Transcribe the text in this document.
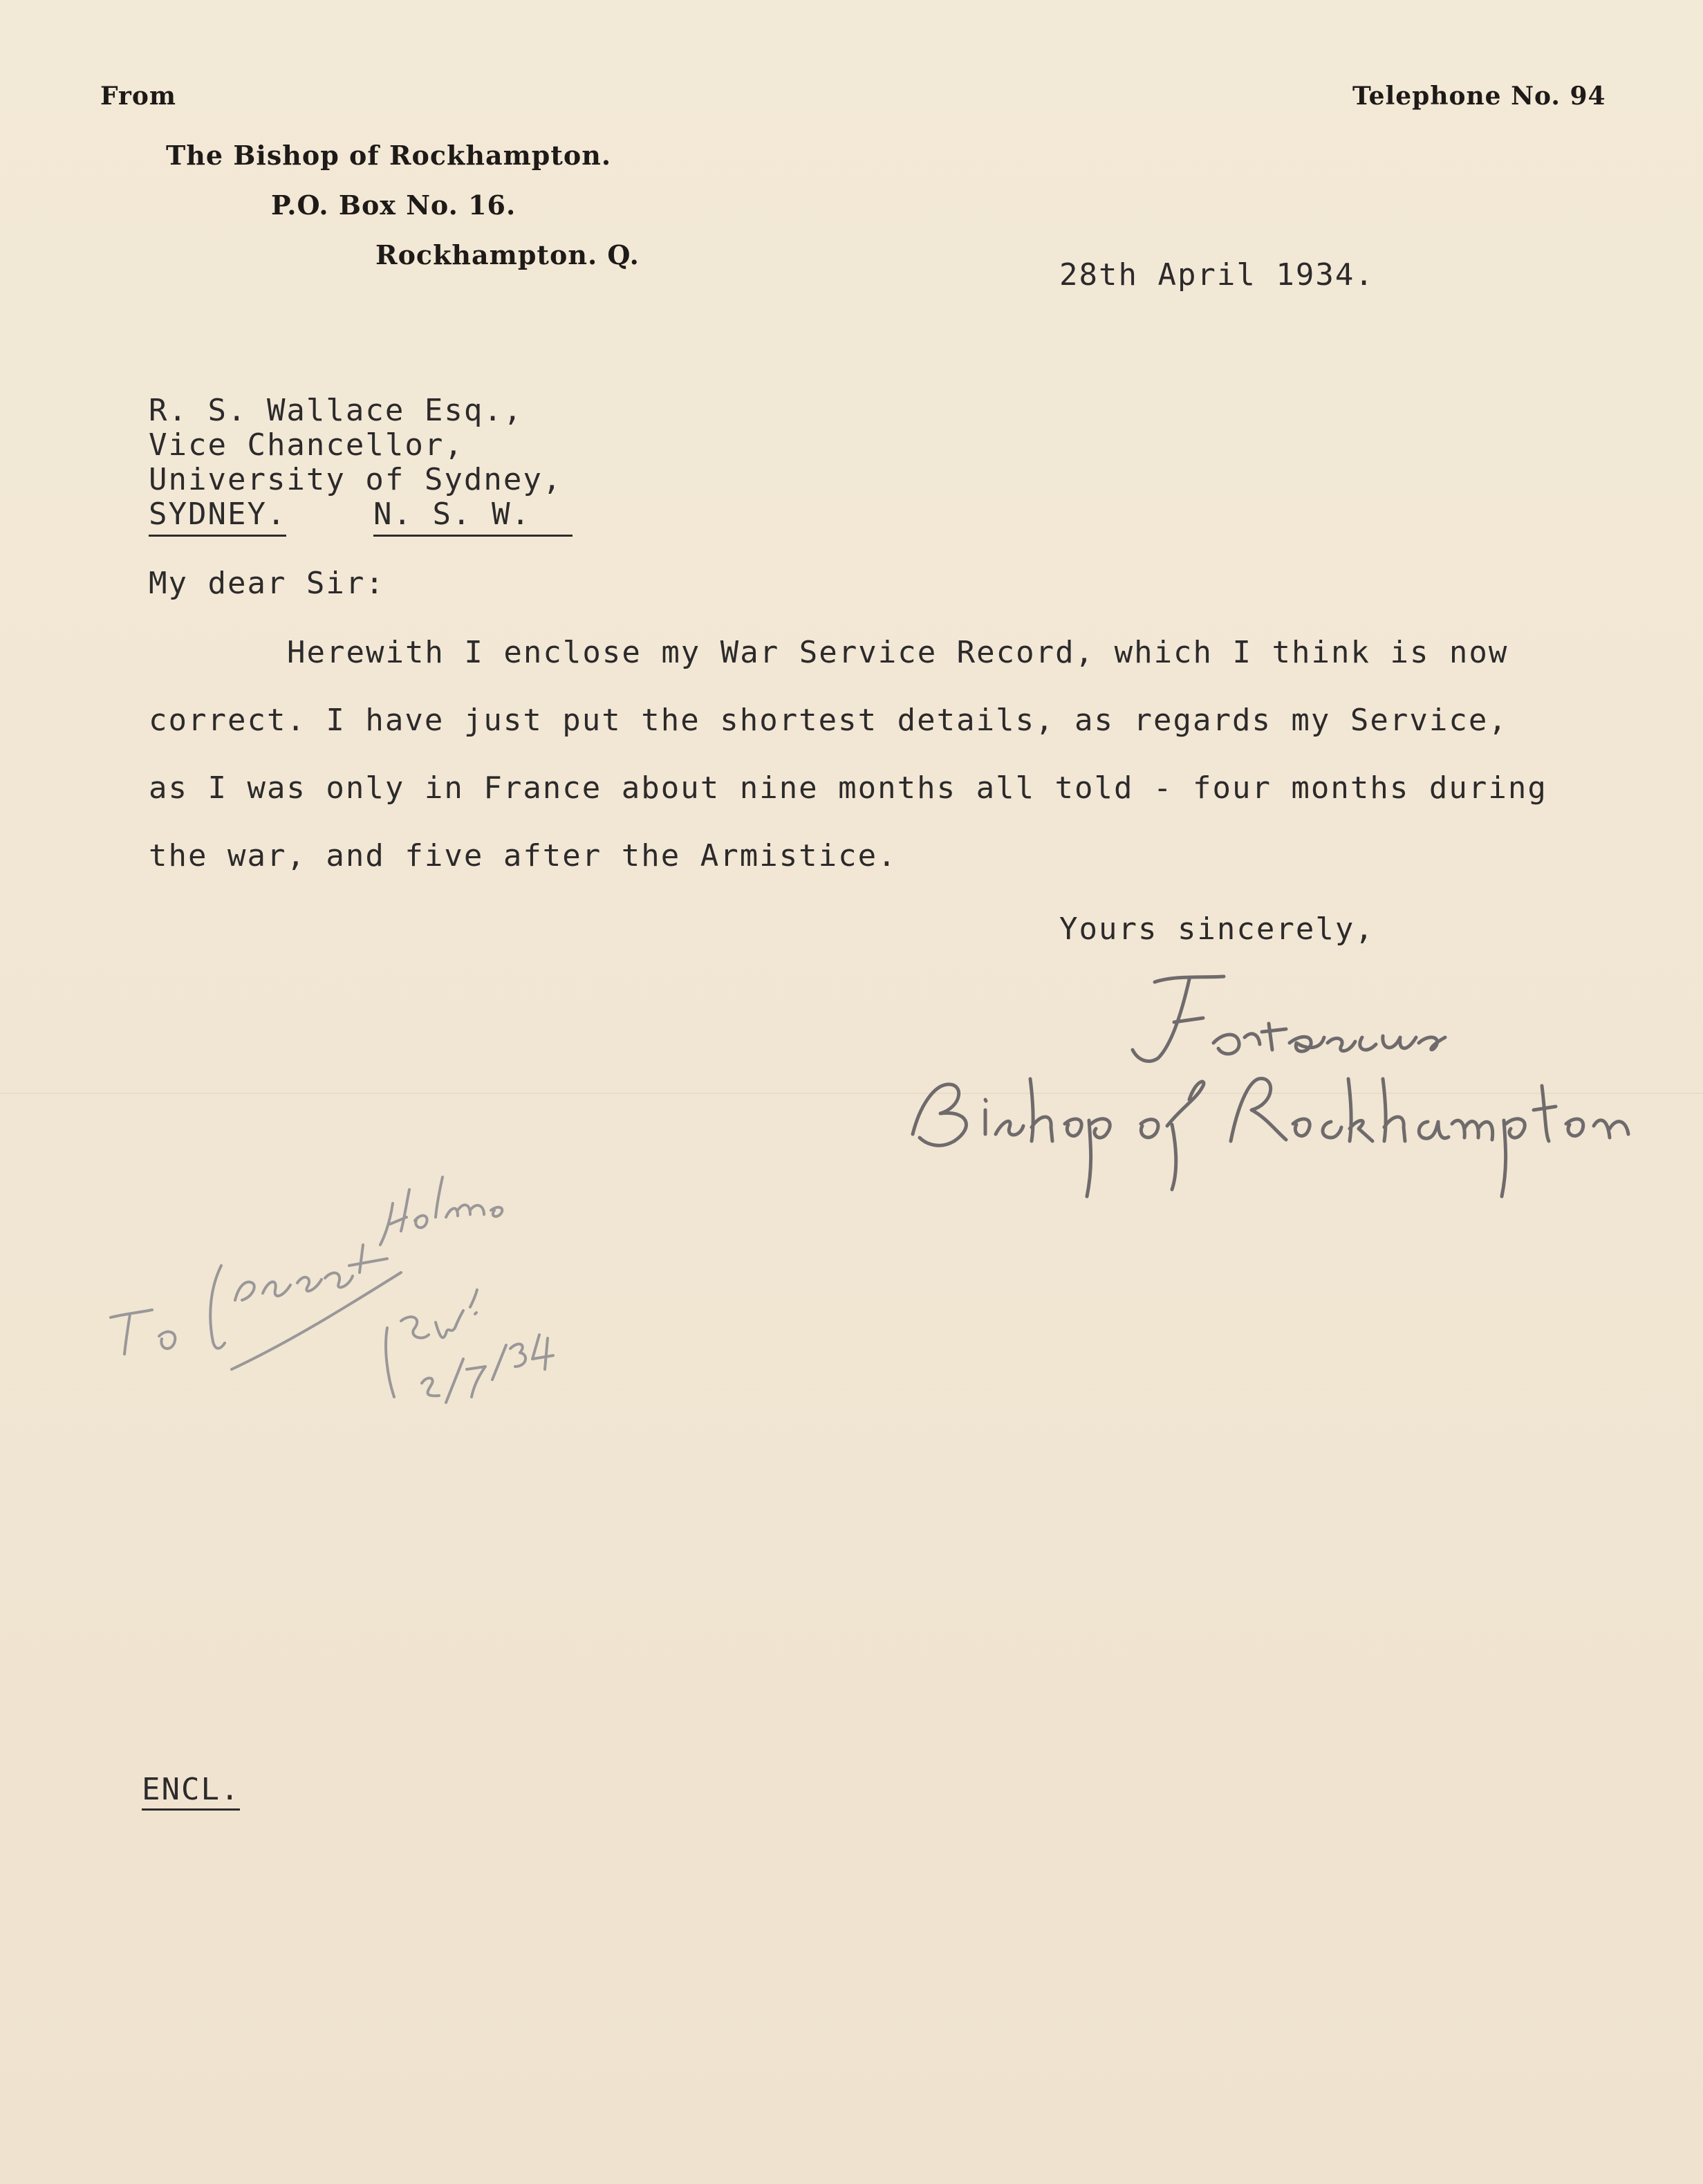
From
The Bishop of Rockhampton.
P.O. Box No. 16.
Rockhampton. Q.
Telephone No. 94
28th April 1934.
R. S. Wallace Esq.,
Vice Chancellor,
University of Sydney,
SYDNEY.	N. S. W.
My dear Sir:
Herewith I enclose my War Service Record, which I think is now
correct. I have just put the shortest details, as regards my Service,
as I was only in France about nine months all told - four months during
the war, and five after the Armistice.
Yours sincerely,
ENCL.
